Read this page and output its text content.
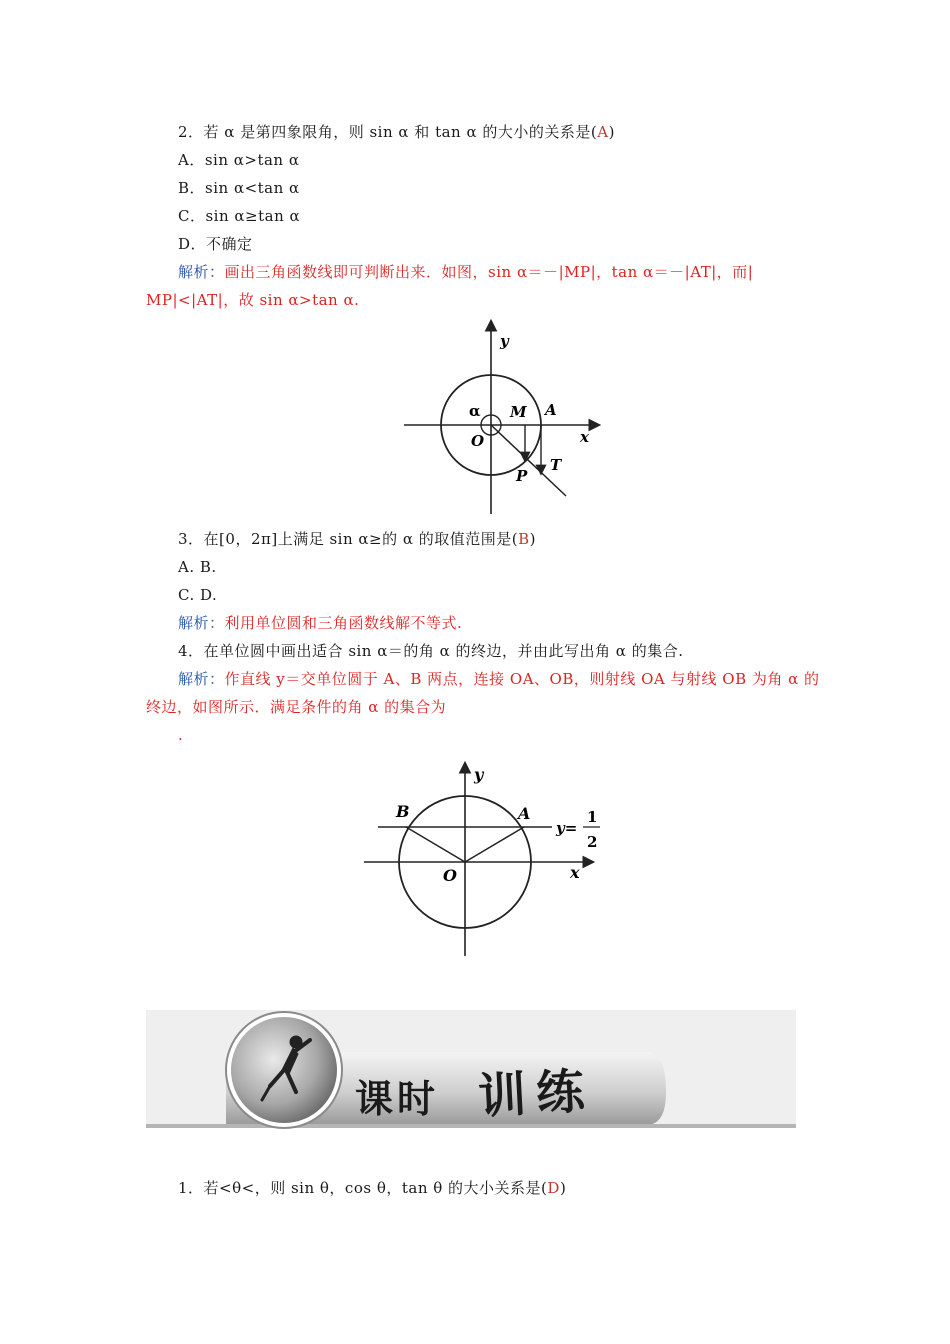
2．若 α 是第四象限角，则 sin α 和 tan α 的大小的关系是(A)
A．sin α>tan α
B．sin α<tan α
C．sin α≥tan α
D．不确定
解析：画出三角函数线即可判断出来．如图，sin α＝－|MP|，tan α＝－|AT|，而|
MP|<|AT|，故 sin α>tan α.
y
x
α
O
M A
P
T
3．在[0，2π]上满足 sin α≥的 α 的取值范围是(B)
A. B.
C. D.
解析：利用单位圆和三角函数线解不等式.
4．在单位圆中画出适合 sin α＝的角 α 的终边，并由此写出角 α 的集合.
解析：作直线 y＝交单位圆于 A、B 两点，连接 OA、OB，则射线 OA 与射线 OB 为角 α 的
终边，如图所示．满足条件的角 α 的集合为
.
y
x
O
A
B
y=
1
2
课时 训练
1．若<θ<，则 sin θ，cos θ，tan θ 的大小关系是(D)
